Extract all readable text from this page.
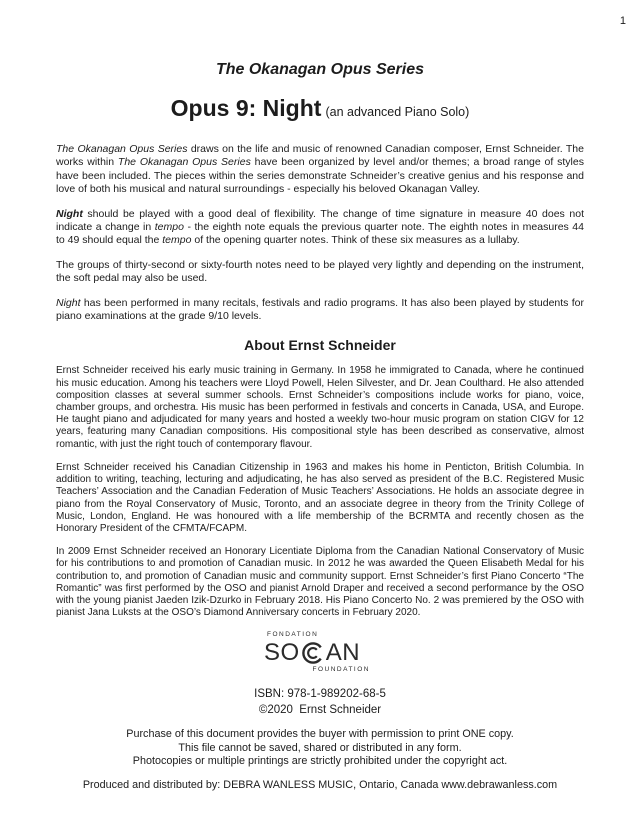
1
The Okanagan Opus Series
Opus 9: Night (an advanced Piano Solo)

The Okanagan Opus Series draws on the life and music of renowned Canadian composer, Ernst Schneider. The works within The Okanagan Opus Series have been organized by level and/or themes; a broad range of styles have been included. The pieces within the series demonstrate Schneider’s creative genius and his response and love of both his musical and natural surroundings - especially his beloved Okanagan Valley.

Night should be played with a good deal of flexibility. The change of time signature in measure 40 does not indicate a change in tempo - the eighth note equals the previous quarter note. The eighth notes in measures 44 to 49 should equal the tempo of the opening quarter notes. Think of these six measures as a lullaby.

The groups of thirty-second or sixty-fourth notes need to be played very lightly and depending on the instrument, the soft pedal may also be used.

Night has been performed in many recitals, festivals and radio programs. It has also been played by students for piano examinations at the grade 9/10 levels.

About Ernst Schneider

Ernst Schneider received his early music training in Germany. In 1958 he immigrated to Canada, where he continued his music education. Among his teachers were Lloyd Powell, Helen Silvester, and Dr. Jean Coulthard. He also attended composition classes at several summer schools. Ernst Schneider’s compositions include works for piano, voice, chamber groups, and orchestra. His music has been performed in festivals and concerts in Canada, USA, and Europe. He taught piano and adjudicated for many years and hosted a weekly two-hour music program on station CIGV for 12 years, featuring many Canadian compositions. His compositional style has been described as conservative, almost romantic, with just the right touch of contemporary flavour.

Ernst Schneider received his Canadian Citizenship in 1963 and makes his home in Penticton, British Columbia. In addition to writing, teaching, lecturing and adjudicating, he has also served as president of the B.C. Registered Music Teachers’ Association and the Canadian Federation of Music Teachers’ Associations. He holds an associate degree in piano from the Royal Conservatory of Music, Toronto, and an associate degree in theory from the Trinity College of Music, London, England. He was honoured with a life membership of the BCRMTA and recently chosen as the Honorary President of the CFMTA/FCAPM.

In 2009 Ernst Schneider received an Honorary Licentiate Diploma from the Canadian National Conservatory of Music for his contributions to and promotion of Canadian music. In 2012 he was awarded the Queen Elisabeth Medal for his contribution to, and promotion of Canadian music and community support. Ernst Schneider’s first Piano Concerto “The Romantic” was first performed by the OSO and pianist Arnold Draper and received a second performance by the OSO with the young pianist Jaeden Izik-Dzurko in February 2018. His Piano Concerto No. 2 was premiered by the OSO with pianist Jana Luksts at the OSO’s Diamond Anniversary concerts in February 2020.

FONDATION
SO AN
FOUNDATION
ISBN: 978-1-989202-68-5
©2020  Ernst Schneider
Purchase of this document provides the buyer with permission to print ONE copy.
This file cannot be saved, shared or distributed in any form.
Photocopies or multiple printings are strictly prohibited under the copyright act.
Produced and distributed by: DEBRA WANLESS MUSIC, Ontario, Canada www.debrawanless.com
